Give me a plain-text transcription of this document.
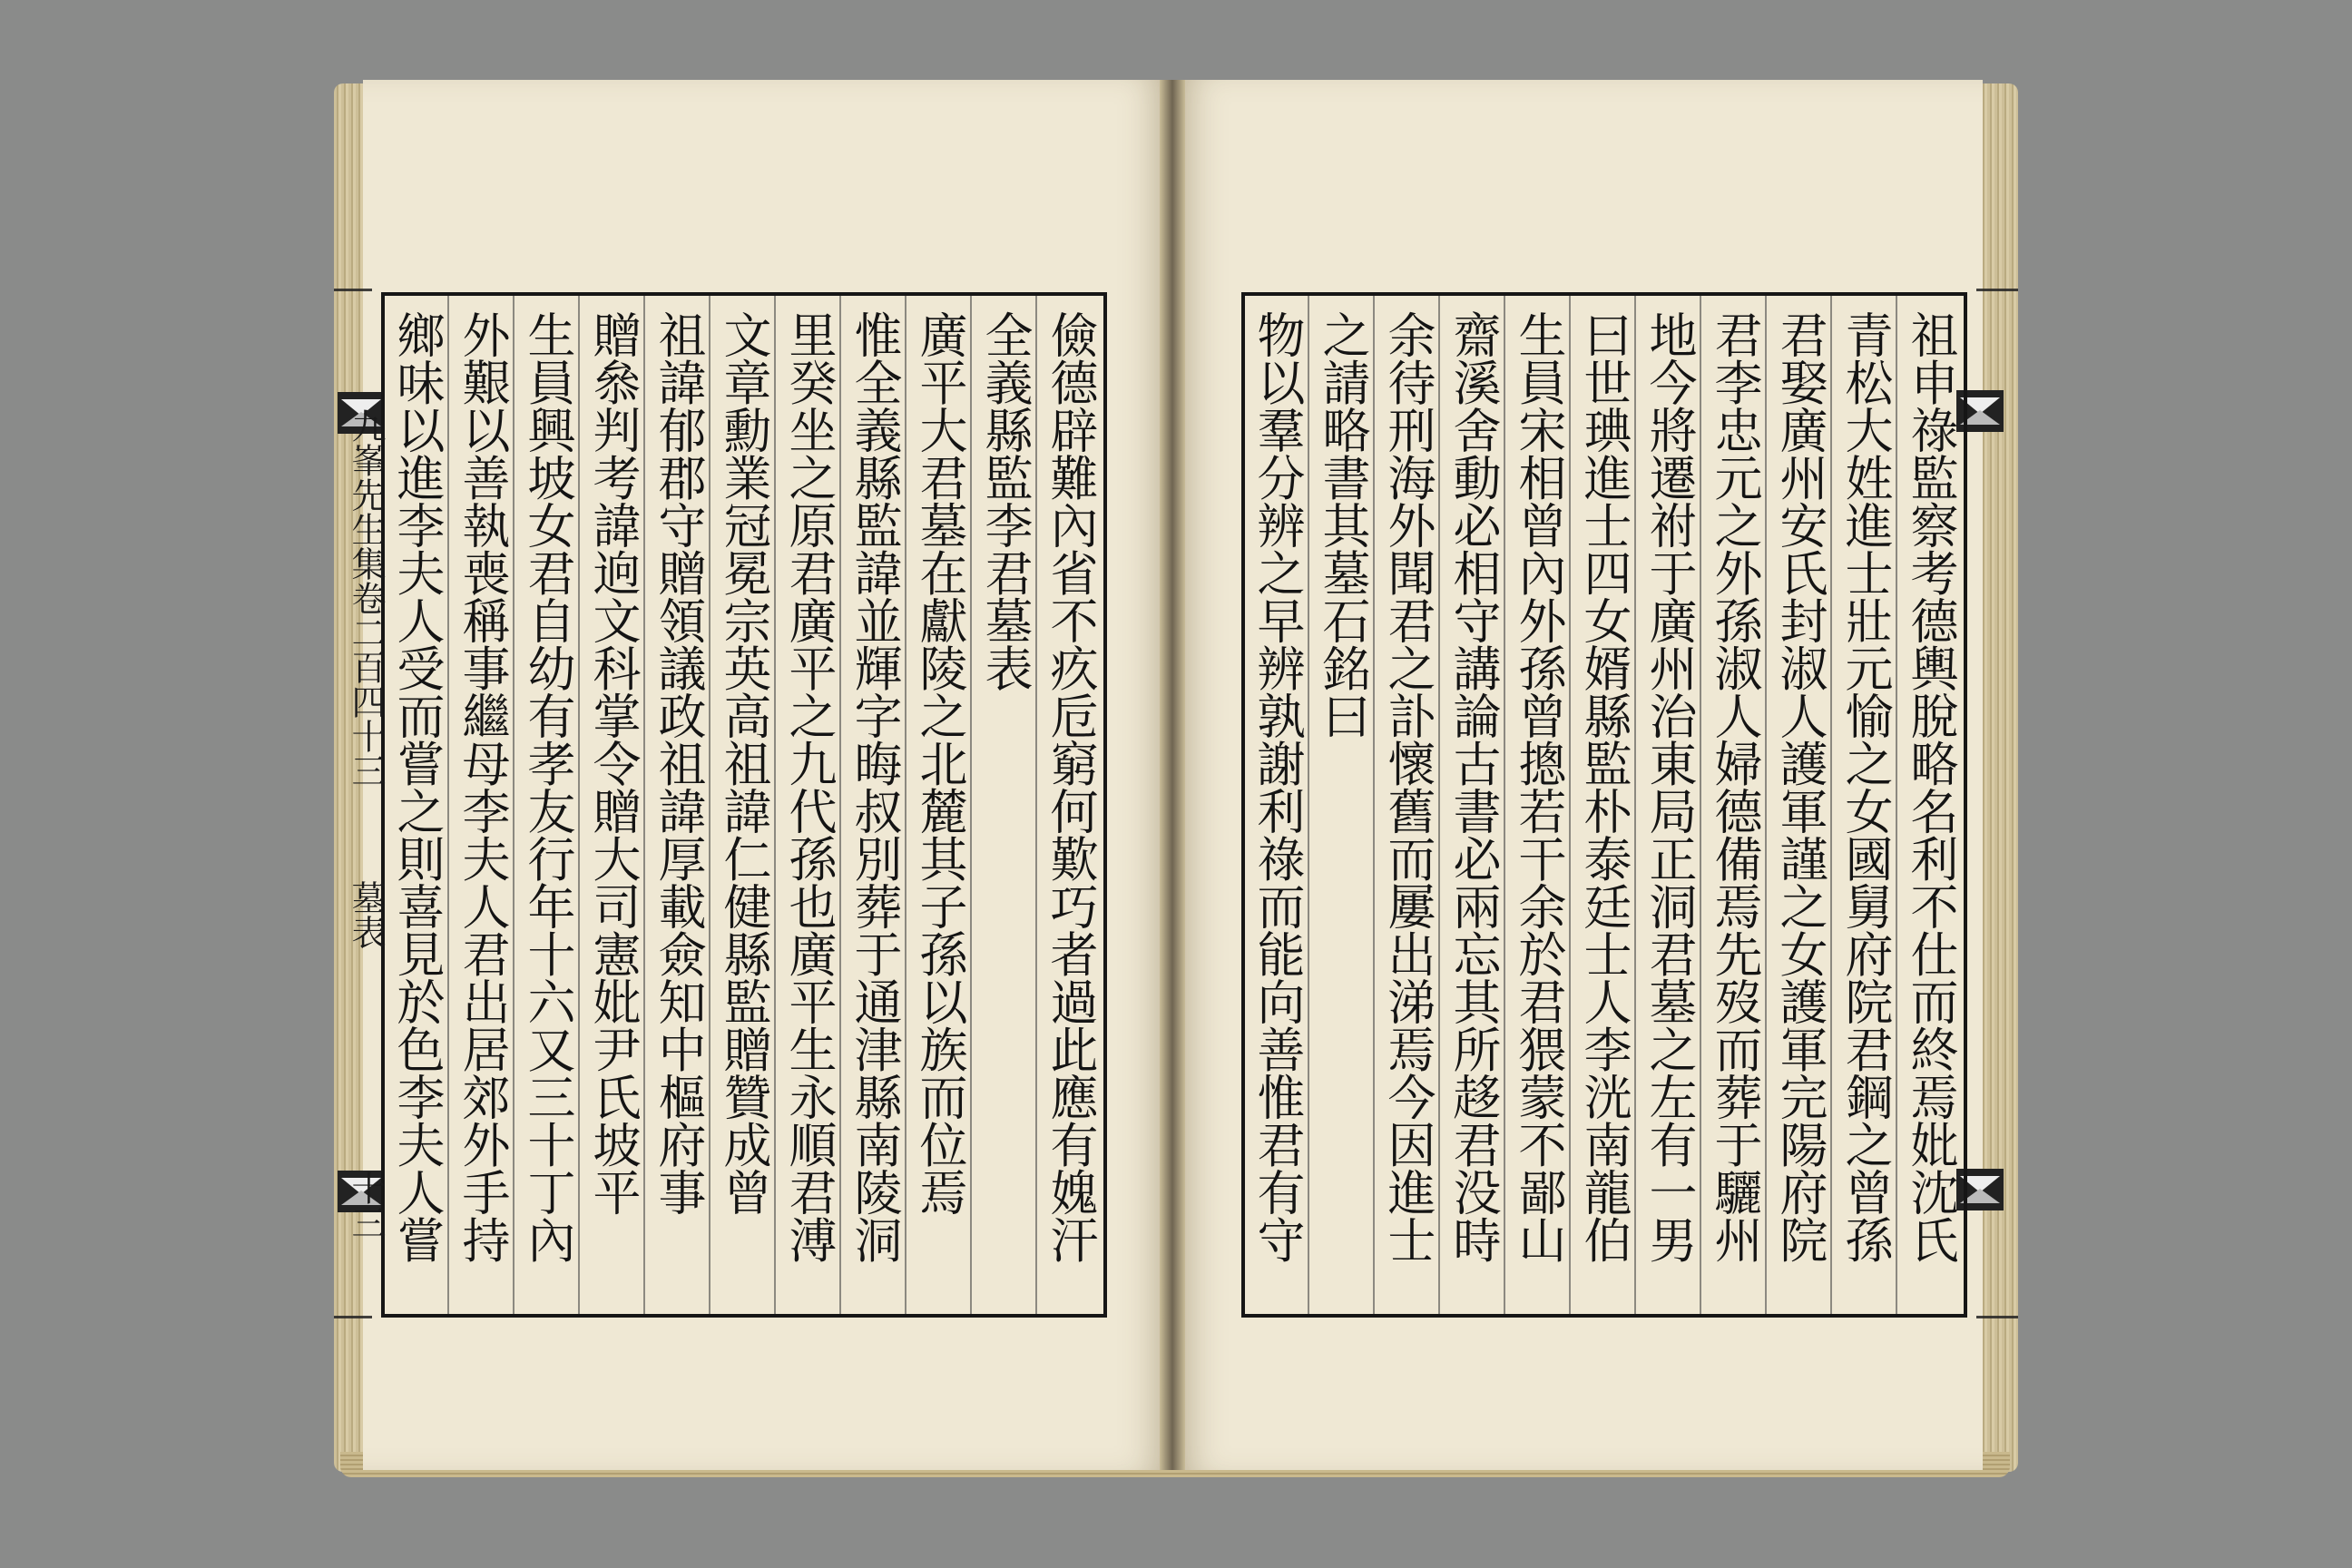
儉德辟難內省不疚卮窮何歎巧者過此應有媿汗
全義縣監李君墓表
廣平大君墓在獻陵之北麓其子孫以族而位焉
惟全義縣監諱並輝字晦叔別葬于通津縣南陵洞
里癸坐之原君廣平之九代孫也廣平生永順君溥
文章勳業冠冕宗英高祖諱仁健縣監贈贊成曾
祖諱郁郡守贈領議政祖諱厚載僉知中樞府事
贈叅判考諱逈文科掌令贈大司憲妣尹氏坡平
生員興坡女君自幼有孝友行年十六又三十丁內
外艱以善執喪稱事繼母李夫人君出居郊外手持
鄉味以進李夫人受而嘗之則喜見於色李夫人嘗
九峯先生集卷二百四十三
墓表
十三	祖申祿監察考德輿脫略名利不仕而終焉妣沈氏
青松大姓進士壯元愉之女國舅府院君鋼之曾孫
君娶廣州安氏封淑人護軍謹之女護軍完陽府院
君李忠元之外孫淑人婦德備焉先歿而葬于驪州
地今將遷祔于廣州治東局正洞君墓之左有一男
曰世琠進士四女婿縣監朴泰廷士人李洸南龍伯
生員宋相曾內外孫曾摠若干余於君猥蒙不鄙山
齋溪舍動必相守講論古書必兩忘其所趍君没時
余待刑海外聞君之訃懷舊而屢出涕焉今因進士
之請略書其墓石銘曰
物以羣分辨之早辨孰謝利祿而能向善惟君有守
